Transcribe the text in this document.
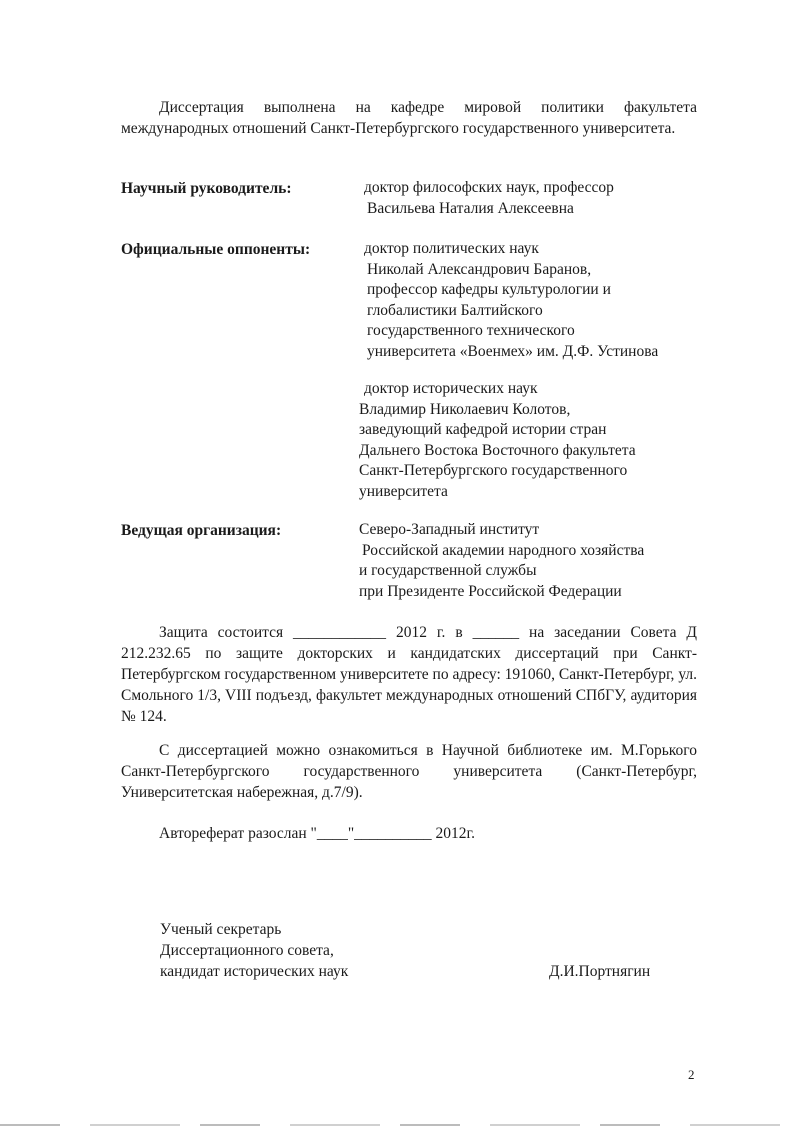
Диссертация выполнена на кафедре мировой политики факультета международных отношений Санкт-Петербургского государственного университета.

Научный руководитель:	доктор философских наук, профессор
Васильева Наталия Алексеевна

Официальные оппоненты:	доктор политических наук
Николай Александрович Баранов,
профессор кафедры культурологии и
глобалистики Балтийского
государственного технического
университета «Военмех» им. Д.Ф. Устинова
доктор исторических наук
Владимир Николаевич Колотов,
заведующий кафедрой истории стран
Дальнего Востока Восточного факультета
Санкт-Петербургского государственного
университета

Ведущая организация:	Северо-Западный институт
Российской академии народного хозяйства
и государственной службы
при Президенте Российской Федерации

Защита состоится ____________ 2012 г. в ______ на заседании Совета Д 212.232.65 по защите докторских и кандидатских диссертаций при Санкт-Петербургском государственном университете по адресу: 191060, Санкт-Петербург, ул. Смольного 1/3, VIII подъезд, факультет международных отношений СПбГУ, аудитория № 124.

С диссертацией можно ознакомиться в Научной библиотеке им. М.Горького Санкт-Петербургского государственного университета (Санкт-Петербург, Университетская набережная, д.7/9).

Автореферат разослан "____"__________ 2012г.

Ученый секретарь
Диссертационного совета,
кандидат исторических наук	Д.И.Портнягин
2
